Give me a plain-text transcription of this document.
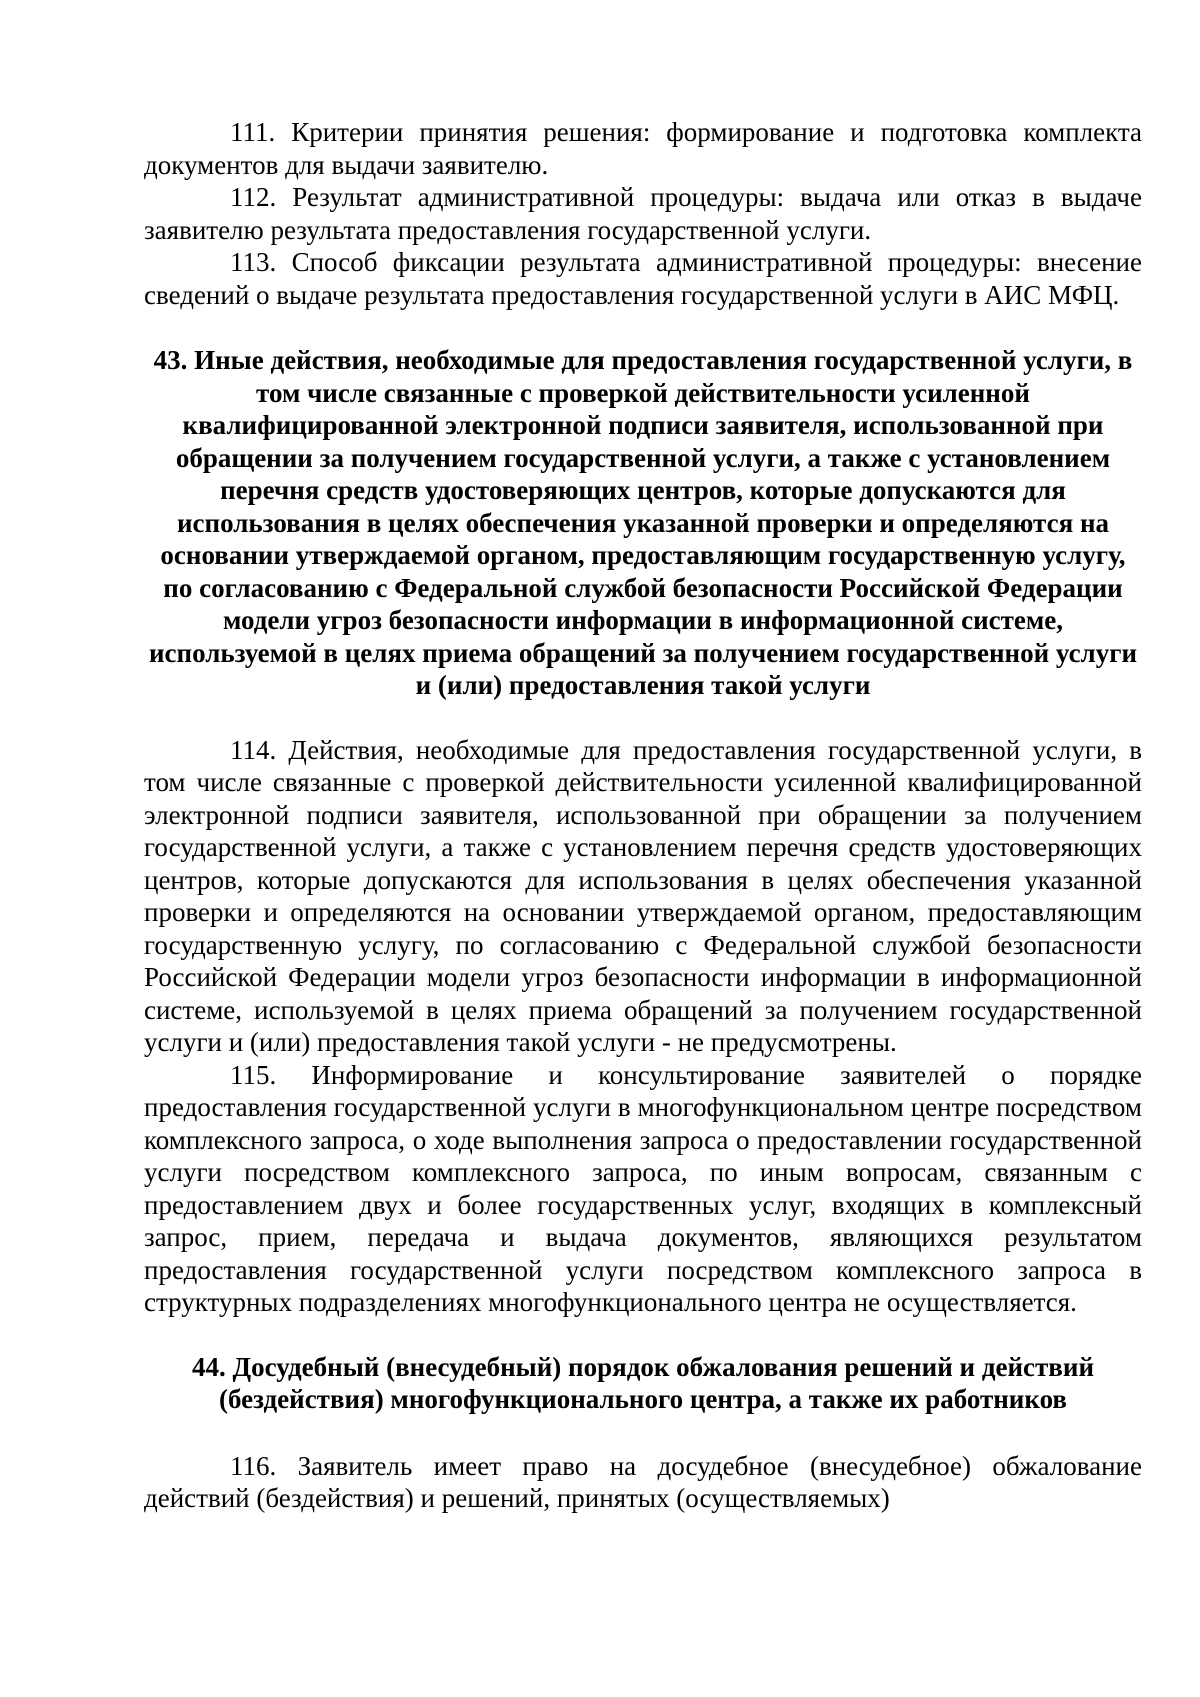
111. Критерии принятия решения: формирование и подготовка комплекта документов для выдачи заявителю.

112. Результат административной процедуры: выдача или отказ в выдаче заявителю результата предоставления государственной услуги.

113. Способ фиксации результата административной процедуры: внесение сведений о выдаче результата предоставления государственной услуги в АИС МФЦ.

43. Иные действия, необходимые для предоставления государственной услуги, в том числе связанные с проверкой действительности усиленной квалифицированной электронной подписи заявителя, использованной при обращении за получением государственной услуги, а также с установлением перечня средств удостоверяющих центров, которые допускаются для использования в целях обеспечения указанной проверки и определяются на основании утверждаемой органом, предоставляющим государственную услугу, по согласованию с Федеральной службой безопасности Российской Федерации модели угроз безопасности информации в информационной системе, используемой в целях приема обращений за получением государственной услуги и (или) предоставления такой услуги

114. Действия, необходимые для предоставления государственной услуги, в том числе связанные с проверкой действительности усиленной квалифицированной электронной подписи заявителя, использованной при обращении за получением государственной услуги, а также с установлением перечня средств удостоверяющих центров, которые допускаются для использования в целях обеспечения указанной проверки и определяются на основании утверждаемой органом, предоставляющим государственную услугу, по согласованию с Федеральной службой безопасности Российской Федерации модели угроз безопасности информации в информационной системе, используемой в целях приема обращений за получением государственной услуги и (или) предоставления такой услуги - не предусмотрены.

115. Информирование и консультирование заявителей о порядке предоставления государственной услуги в многофункциональном центре посредством комплексного запроса, о ходе выполнения запроса о предоставлении государственной услуги посредством комплексного запроса, по иным вопросам, связанным с предоставлением двух и более государственных услуг, входящих в комплексный запрос, прием, передача и выдача документов, являющихся результатом предоставления государственной услуги посредством комплексного запроса в структурных подразделениях многофункционального центра не осуществляется.

44. Досудебный (внесудебный) порядок обжалования решений и действий (бездействия) многофункционального центра, а также их работников

116. Заявитель имеет право на досудебное (внесудебное) обжалование действий (бездействия) и решений, принятых (осуществляемых)
